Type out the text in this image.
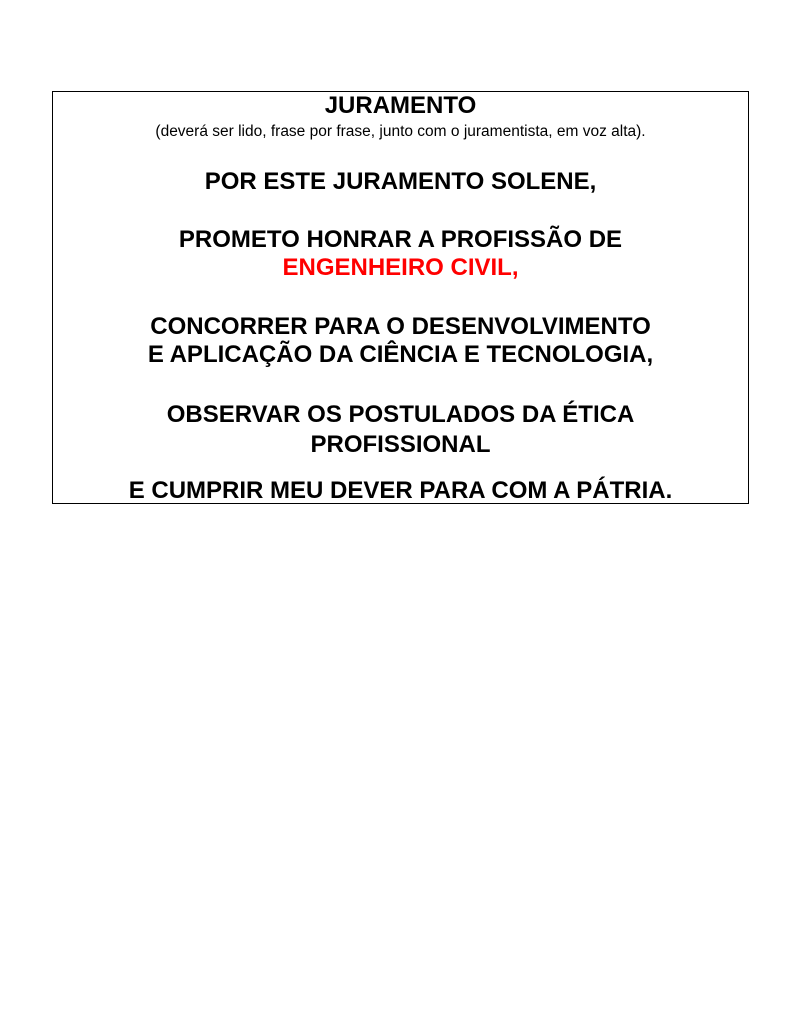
JURAMENTO
(deverá ser lido, frase por frase, junto com o juramentista, em voz alta).
POR ESTE JURAMENTO SOLENE,
PROMETO HONRAR A PROFISSÃO DE
ENGENHEIRO CIVIL,
CONCORRER PARA O DESENVOLVIMENTO
E APLICAÇÃO DA CIÊNCIA E TECNOLOGIA,
OBSERVAR OS POSTULADOS DA ÉTICA
PROFISSIONAL
E CUMPRIR MEU DEVER PARA COM A PÁTRIA.
